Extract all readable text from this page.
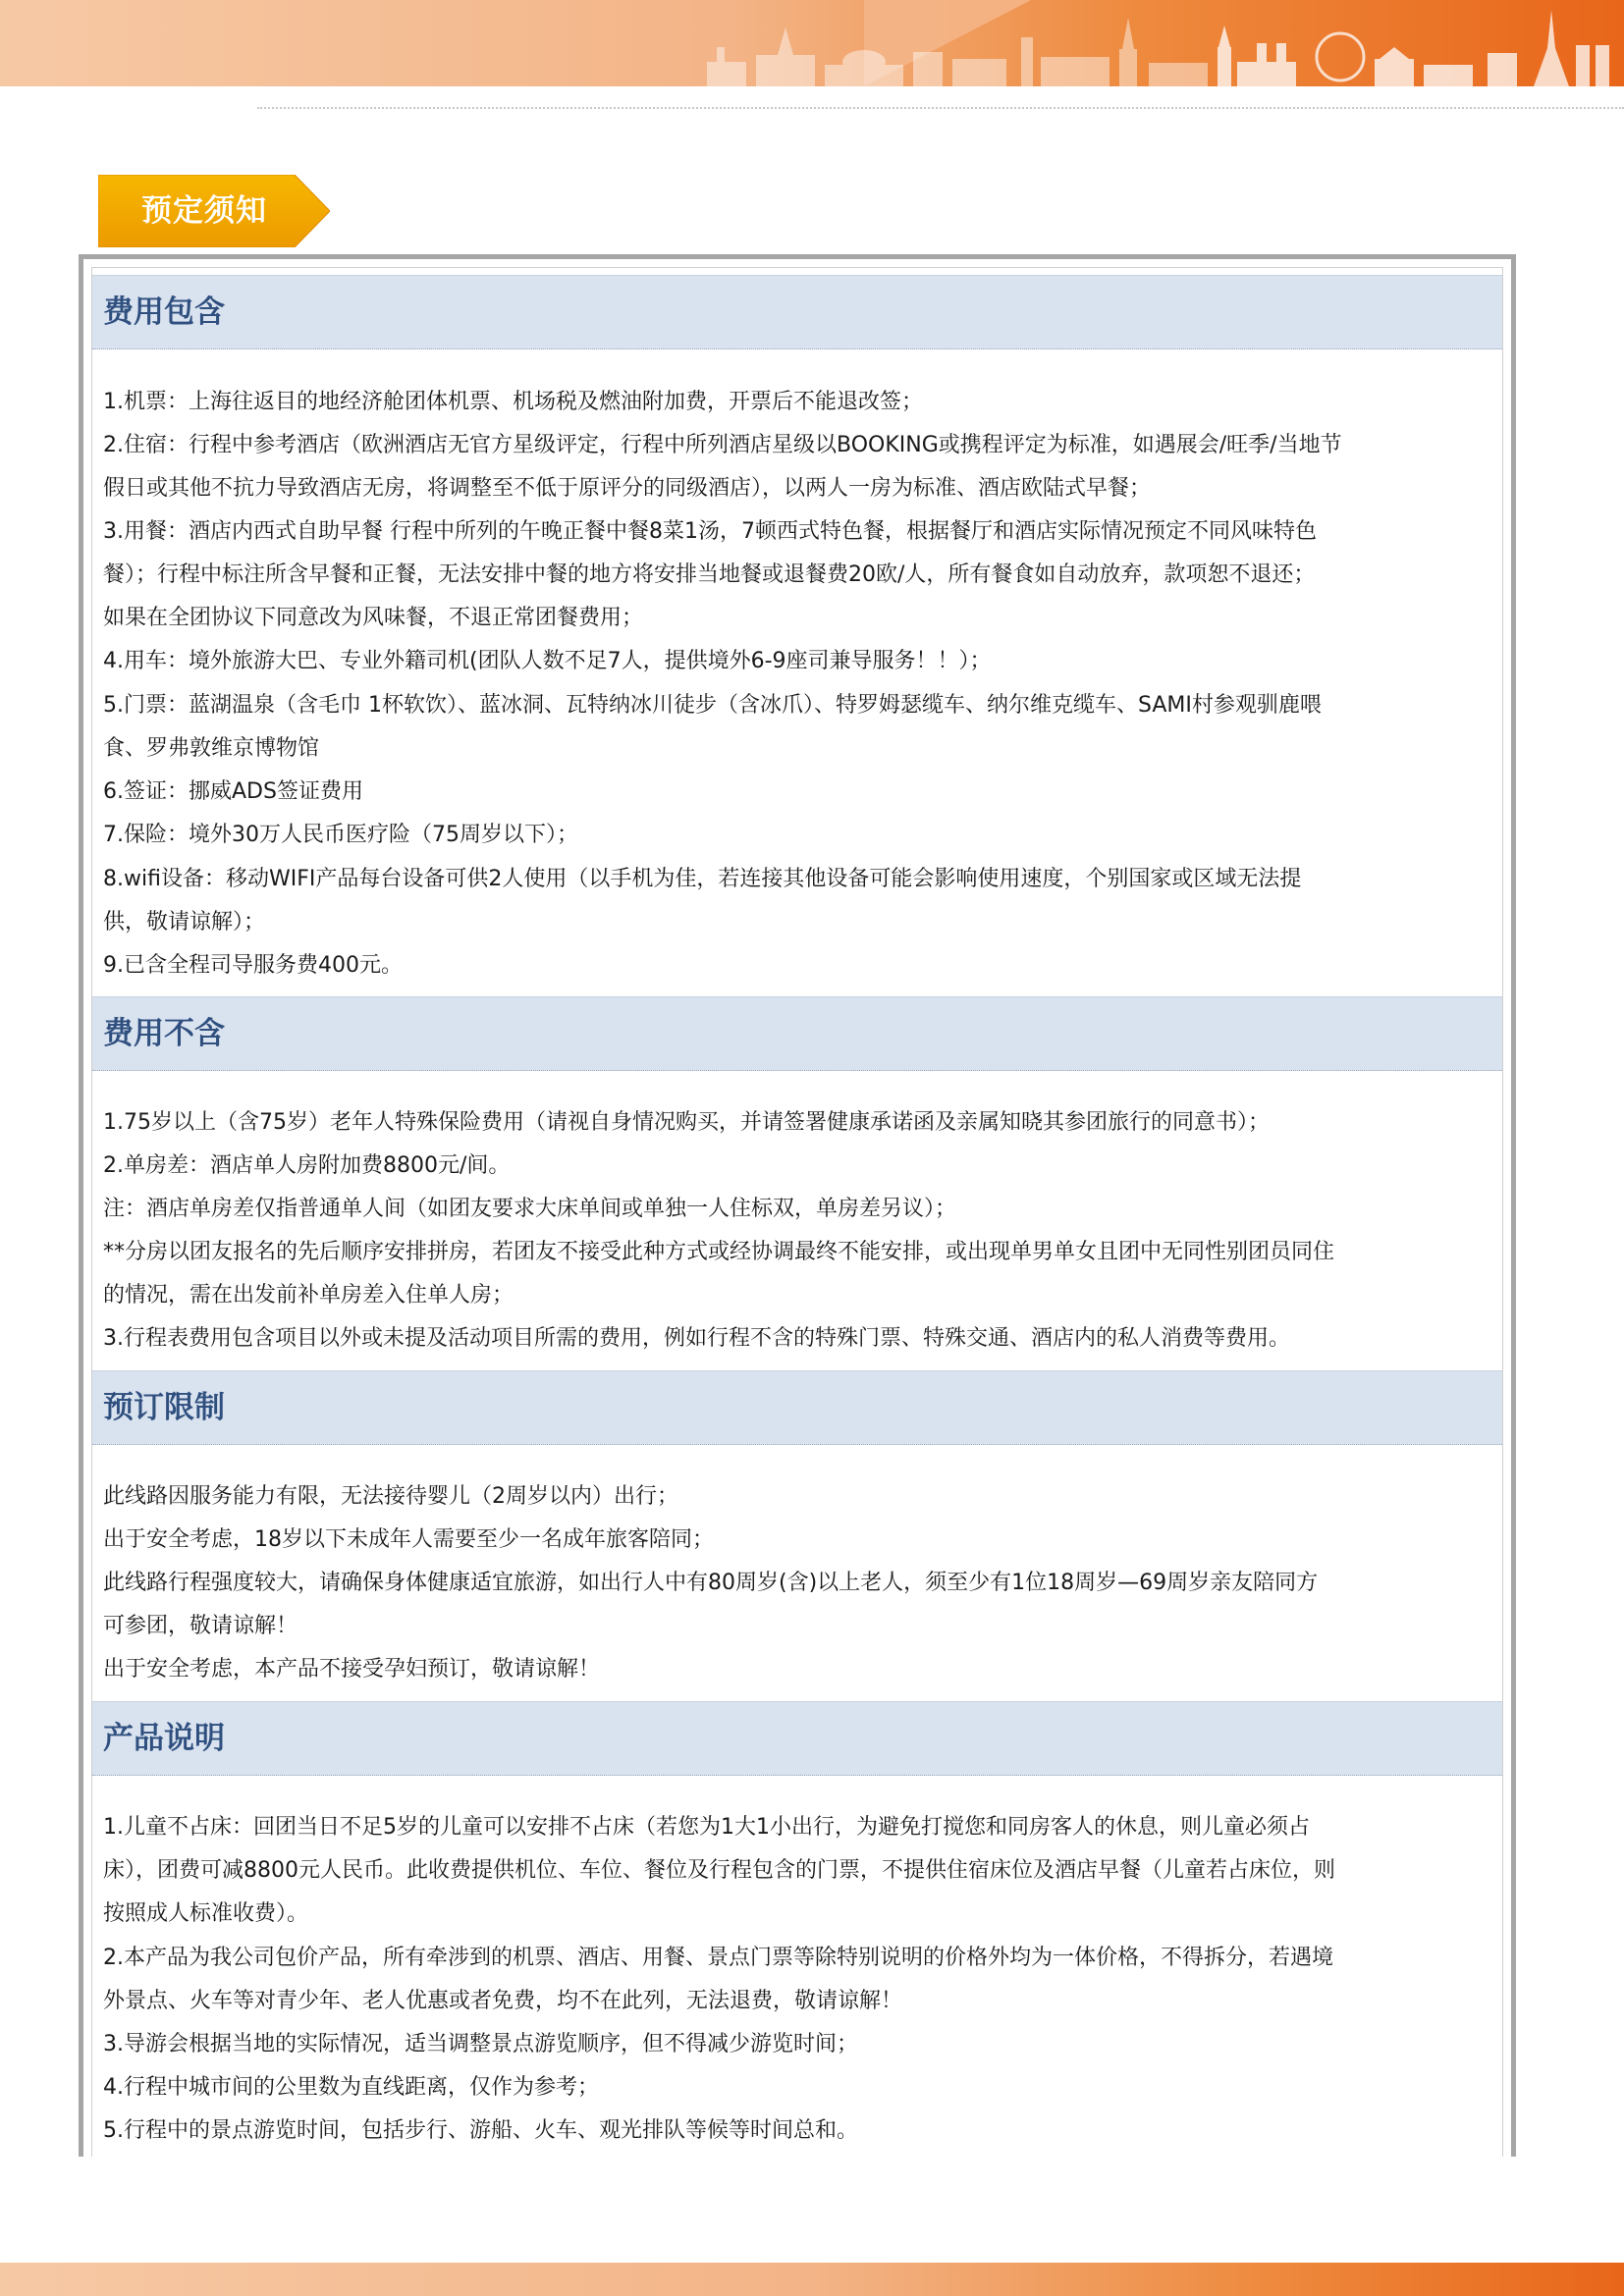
预定须知
费用包含
1.机票：上海往返目的地经济舱团体机票、机场税及燃油附加费，开票后不能退改签；
2.住宿：行程中参考酒店（欧洲酒店无官方星级评定，行程中所列酒店星级以BOOKING或携程评定为标准，如遇展会/旺季/当地节
假日或其他不抗力导致酒店无房，将调整至不低于原评分的同级酒店），以两人一房为标准、酒店欧陆式早餐；
3.用餐：酒店内西式自助早餐 行程中所列的午晚正餐中餐8菜1汤，7顿西式特色餐，根据餐厅和酒店实际情况预定不同风味特色
餐）；行程中标注所含早餐和正餐，无法安排中餐的地方将安排当地餐或退餐费20欧/人，所有餐食如自动放弃，款项恕不退还；
如果在全团协议下同意改为风味餐，不退正常团餐费用；
4.用车：境外旅游大巴、专业外籍司机(团队人数不足7人，提供境外6-9座司兼导服务！！）；
5.门票：蓝湖温泉（含毛巾 1杯软饮）、蓝冰洞、瓦特纳冰川徒步（含冰爪）、特罗姆瑟缆车、纳尔维克缆车、SAMI村参观驯鹿喂
食、罗弗敦维京博物馆
6.签证：挪威ADS签证费用
7.保险：境外30万人民币医疗险（75周岁以下）；
8.wifi设备：移动WIFI产品每台设备可供2人使用（以手机为佳，若连接其他设备可能会影响使用速度，个别国家或区域无法提
供，敬请谅解）；
9.已含全程司导服务费400元。
费用不含
1.75岁以上（含75岁）老年人特殊保险费用（请视自身情况购买，并请签署健康承诺函及亲属知晓其参团旅行的同意书）；
2.单房差：酒店单人房附加费8800元/间。
注：酒店单房差仅指普通单人间（如团友要求大床单间或单独一人住标双，单房差另议）；
**分房以团友报名的先后顺序安排拼房，若团友不接受此种方式或经协调最终不能安排，或出现单男单女且团中无同性别团员同住
的情况，需在出发前补单房差入住单人房；
3.行程表费用包含项目以外或未提及活动项目所需的费用，例如行程不含的特殊门票、特殊交通、酒店内的私人消费等费用。
预订限制
此线路因服务能力有限，无法接待婴儿（2周岁以内）出行；
出于安全考虑，18岁以下未成年人需要至少一名成年旅客陪同；
此线路行程强度较大，请确保身体健康适宜旅游，如出行人中有80周岁(含)以上老人，须至少有1位18周岁—69周岁亲友陪同方
可参团，敬请谅解！
出于安全考虑，本产品不接受孕妇预订，敬请谅解！
产品说明
1.儿童不占床：回团当日不足5岁的儿童可以安排不占床（若您为1大1小出行，为避免打搅您和同房客人的休息，则儿童必须占
床），团费可减8800元人民币。此收费提供机位、车位、餐位及行程包含的门票，不提供住宿床位及酒店早餐（儿童若占床位，则
按照成人标准收费）。
2.本产品为我公司包价产品，所有牵涉到的机票、酒店、用餐、景点门票等除特别说明的价格外均为一体价格，不得拆分，若遇境
外景点、火车等对青少年、老人优惠或者免费，均不在此列，无法退费，敬请谅解！
3.导游会根据当地的实际情况，适当调整景点游览顺序，但不得减少游览时间；
4.行程中城市间的公里数为直线距离，仅作为参考；
5.行程中的景点游览时间，包括步行、游船、火车、观光排队等候等时间总和。
